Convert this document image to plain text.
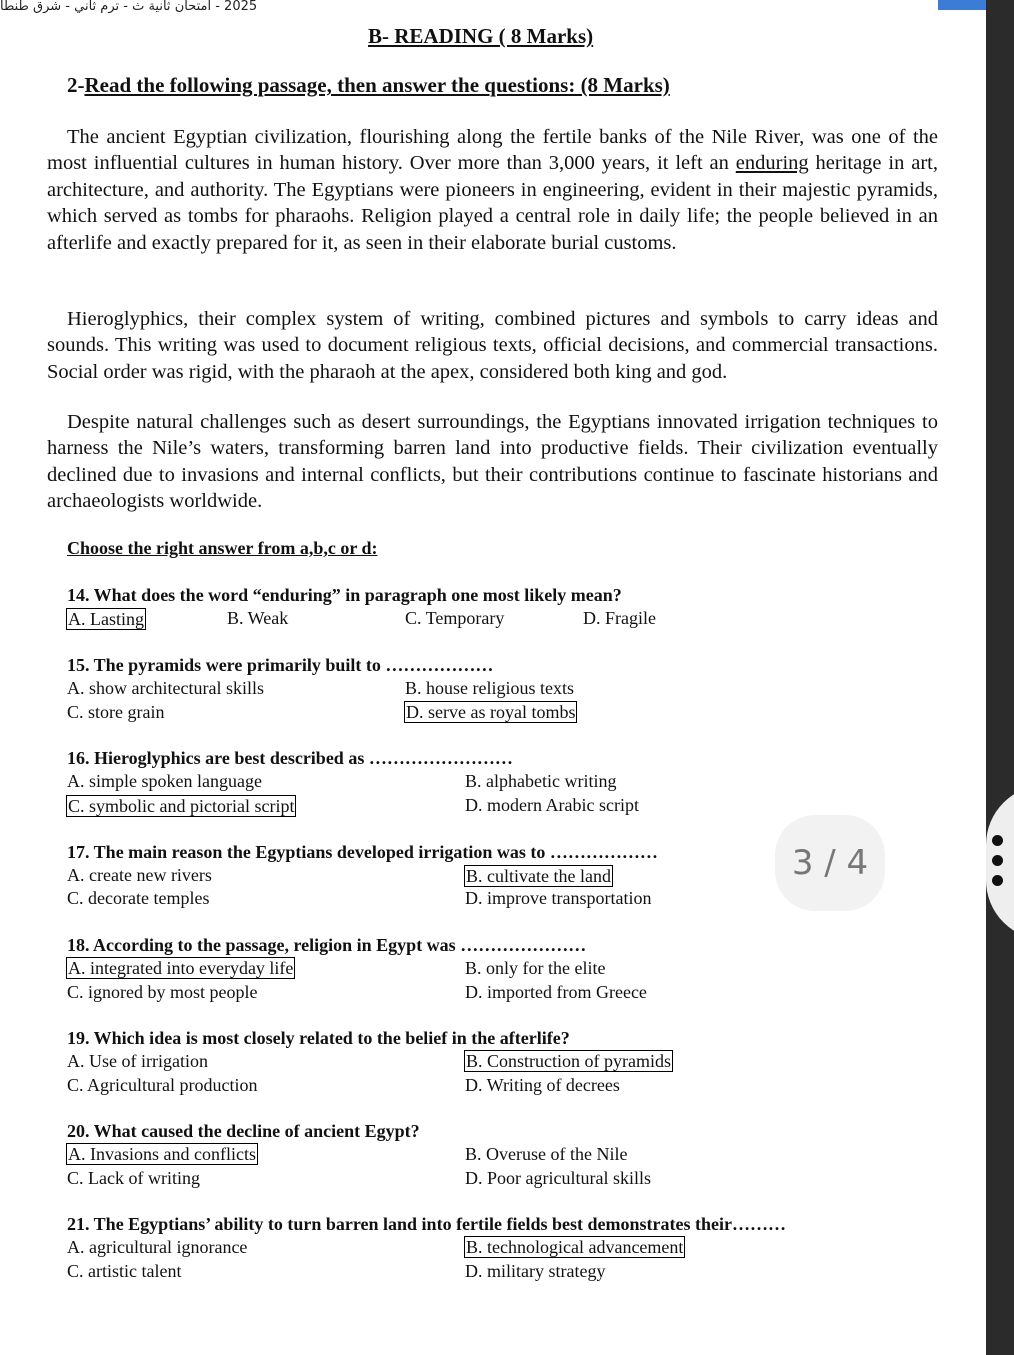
2025 - امتحان ثانية ث - ترم ثاني - شرق طنطا
B- READING ( 8 Marks)
2-Read the following passage, then answer the questions: (8 Marks)
The ancient Egyptian civilization, flourishing along the fertile banks of the Nile River, was one of the most influential cultures in human history. Over more than 3,000 years, it left an enduring heritage in art, architecture, and authority. The Egyptians were pioneers in engineering, evident in their majestic pyramids, which served as tombs for pharaohs. Religion played a central role in daily life; the people believed in an afterlife and exactly prepared for it, as seen in their elaborate burial customs.
Hieroglyphics, their complex system of writing, combined pictures and symbols to carry ideas and sounds. This writing was used to document religious texts, official decisions, and commercial transactions. Social order was rigid, with the pharaoh at the apex, considered both king and god.
Despite natural challenges such as desert surroundings, the Egyptians innovated irrigation techniques to harness the Nile’s waters, transforming barren land into productive fields. Their civilization eventually declined due to invasions and internal conflicts, but their contributions continue to fascinate historians and archaeologists worldwide.
Choose the right answer from a,b,c or d:
14. What does the word “enduring” in paragraph one most likely mean?
A. Lasting	B. Weak	C. Temporary	D. Fragile
15. The pyramids were primarily built to ………………
A. show architectural skills	B. house religious texts
C. store grain	D. serve as royal tombs
16. Hieroglyphics are best described as ……………………
A. simple spoken language	B. alphabetic writing
C. symbolic and pictorial script	D. modern Arabic script
17. The main reason the Egyptians developed irrigation was to ………………
A. create new rivers	B. cultivate the land
C. decorate temples	D. improve transportation
18. According to the passage, religion in Egypt was …………………
A. integrated into everyday life	B. only for the elite
C. ignored by most people	D. imported from Greece
19. Which idea is most closely related to the belief in the afterlife?
A. Use of irrigation	B. Construction of pyramids
C. Agricultural production	D. Writing of decrees
20. What caused the decline of ancient Egypt?
A. Invasions and conflicts	B. Overuse of the Nile
C. Lack of writing	D. Poor agricultural skills
21. The Egyptians’ ability to turn barren land into fertile fields best demonstrates their………
A. agricultural ignorance	B. technological advancement
C. artistic talent	D. military strategy
3 / 4
